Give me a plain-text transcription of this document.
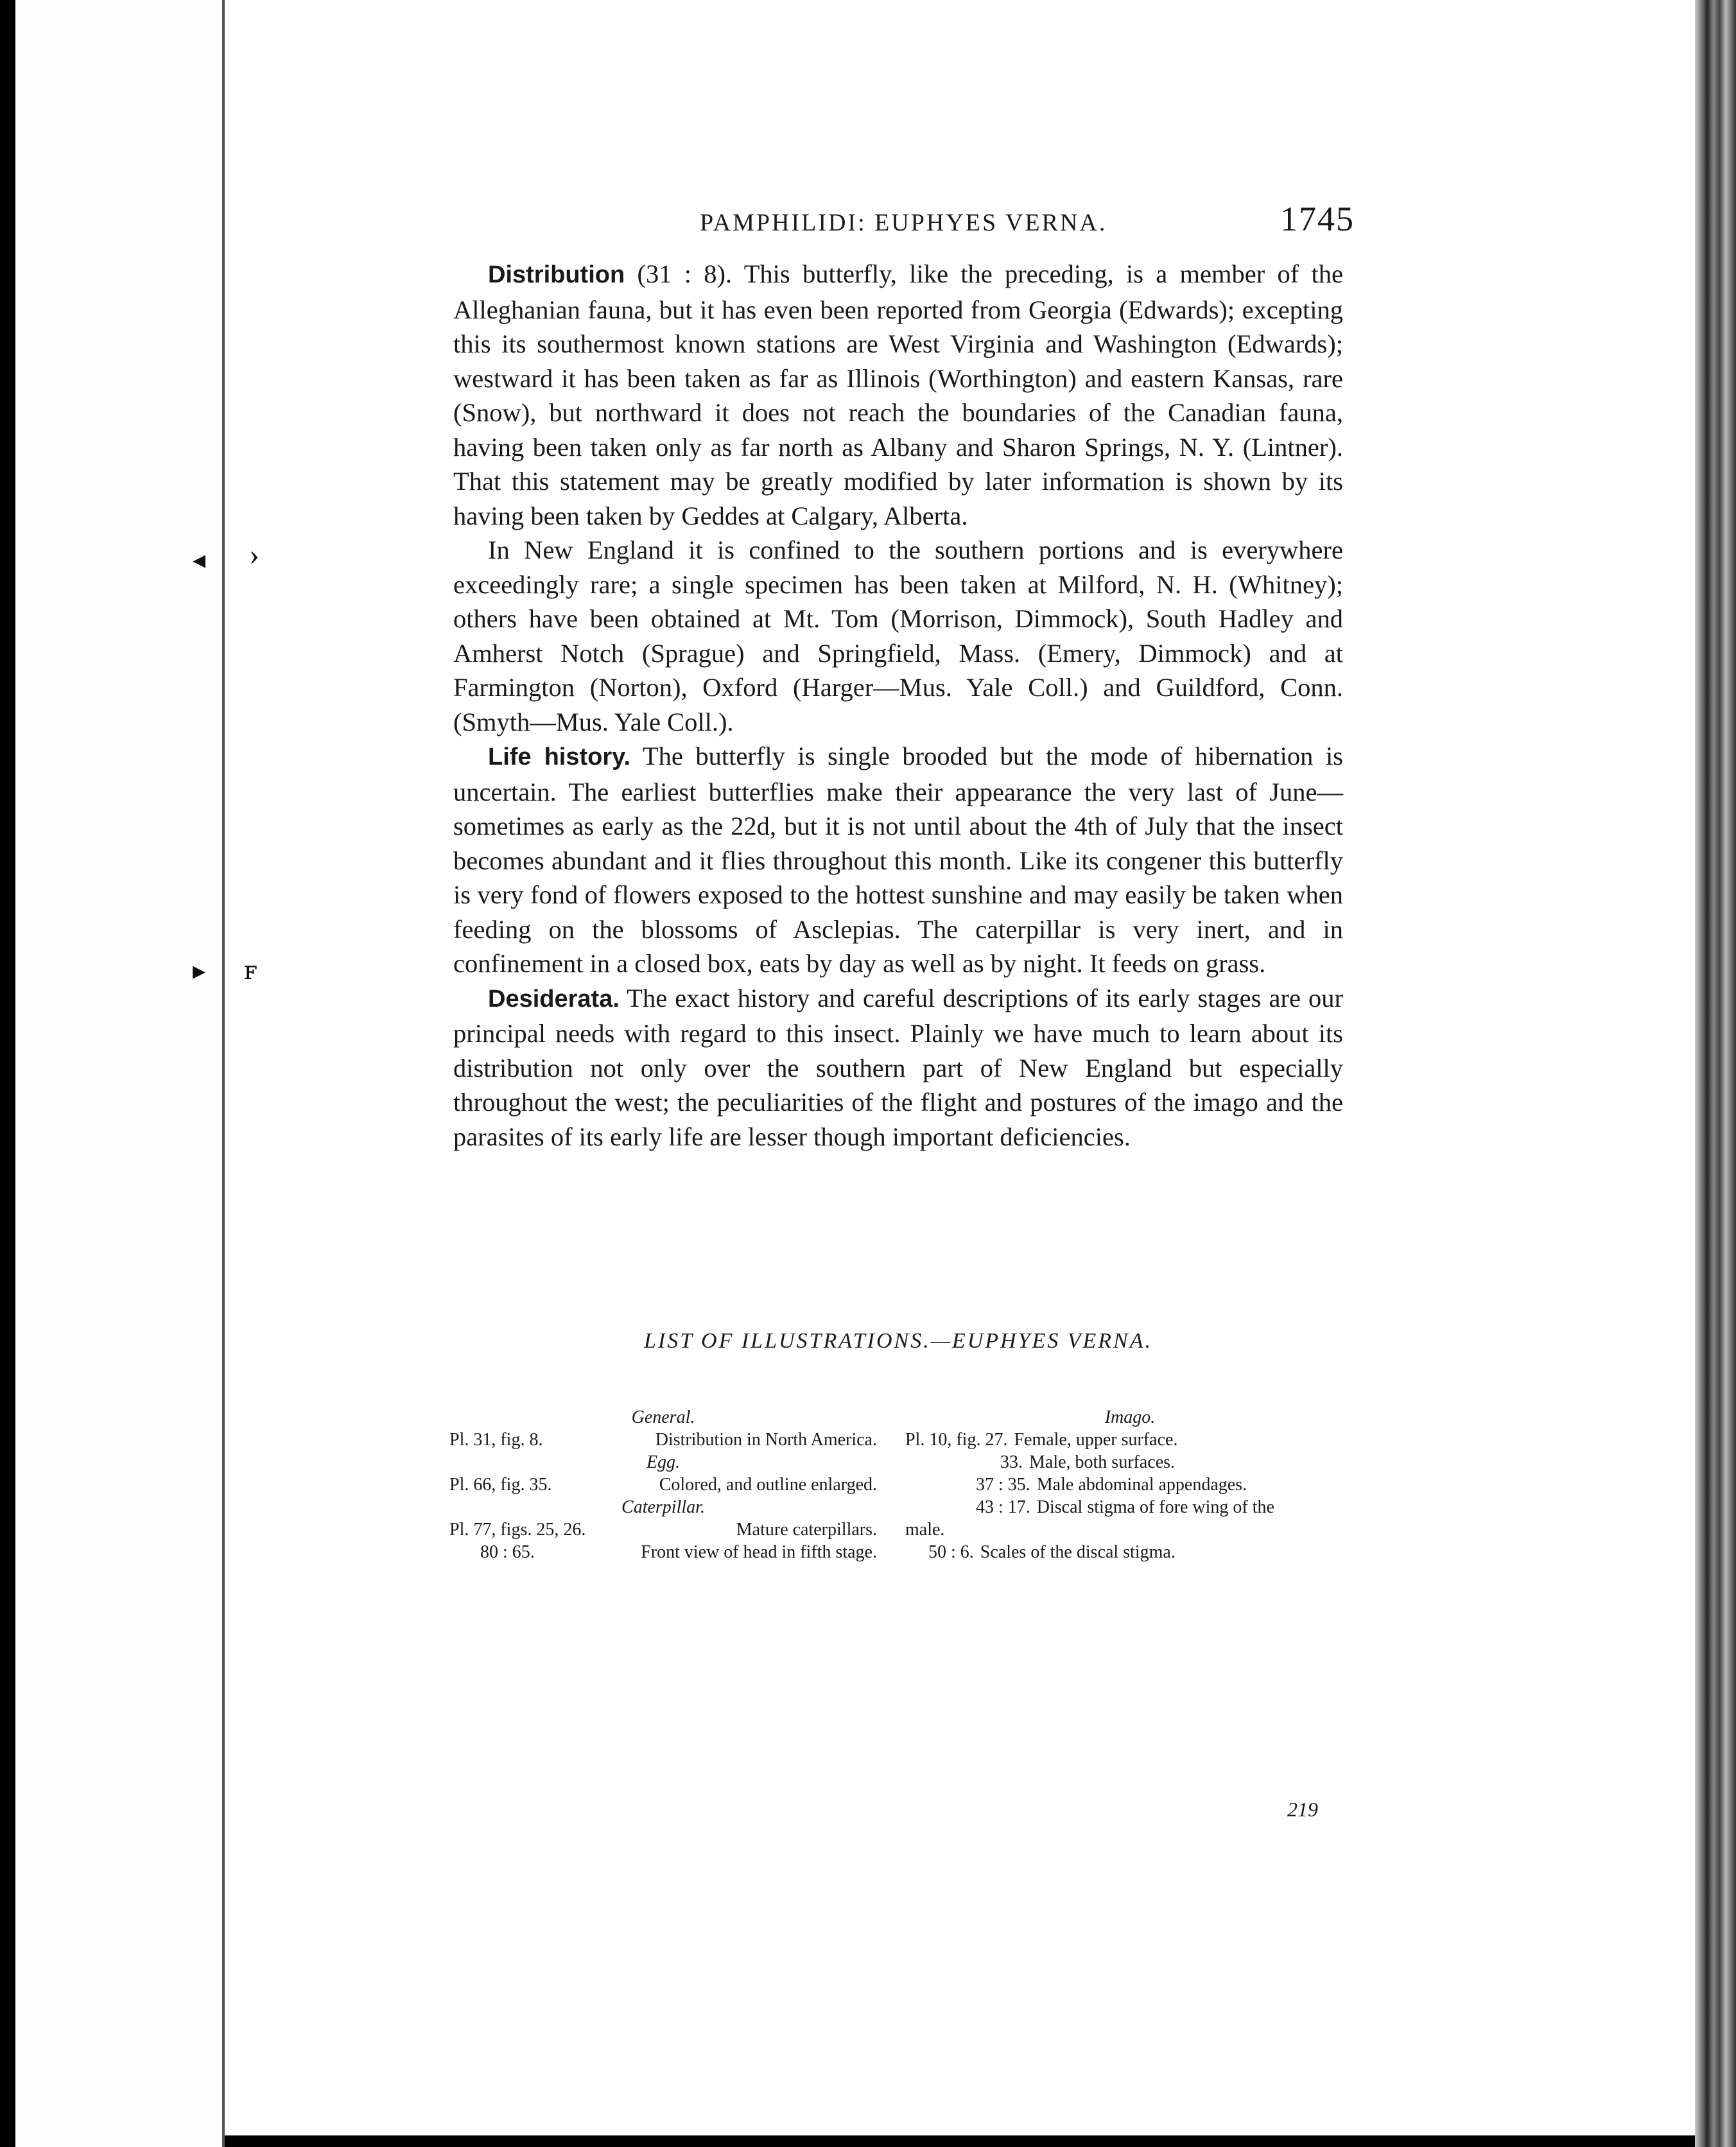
◂ ›
▸ ꜰ
PAMPHILIDI: EUPHYES VERNA.	1745

Distribution (31 : 8). This butterfly, like the preceding, is a member of the Alleghanian fauna, but it has even been reported from Georgia (Edwards); excepting this its southermost known stations are West Virginia and Washington (Edwards); westward it has been taken as far as Illinois (Worthington) and eastern Kansas, rare (Snow), but northward it does not reach the boundaries of the Canadian fauna, having been taken only as far north as Albany and Sharon Springs, N. Y. (Lintner). That this statement may be greatly modified by later information is shown by its having been taken by Geddes at Calgary, Alberta.

In New England it is confined to the southern portions and is everywhere exceedingly rare; a single specimen has been taken at Milford, N. H. (Whitney); others have been obtained at Mt. Tom (Morrison, Dimmock), South Hadley and Amherst Notch (Sprague) and Springfield, Mass. (Emery, Dimmock) and at Farmington (Norton), Oxford (Harger—Mus. Yale Coll.) and Guildford, Conn. (Smyth—Mus. Yale Coll.).

Life history. The butterfly is single brooded but the mode of hibernation is uncertain. The earliest butterflies make their appearance the very last of June—sometimes as early as the 22d, but it is not until about the 4th of July that the insect becomes abundant and it flies throughout this month. Like its congener this butterfly is very fond of flowers exposed to the hottest sunshine and may easily be taken when feeding on the blossoms of Asclepias. The caterpillar is very inert, and in confinement in a closed box, eats by day as well as by night. It feeds on grass.

Desiderata. The exact history and careful descriptions of its early stages are our principal needs with regard to this insect. Plainly we have much to learn about its distribution not only over the southern part of New England but especially throughout the west; the peculiarities of the flight and postures of the imago and the parasites of its early life are lesser though important deficiencies.

LIST OF ILLUSTRATIONS.—EUPHYES VERNA.
General.
Pl. 31, fig. 8.	Distribution in North America.
Egg.
Pl. 66, fig. 35.	Colored, and outline enlarged.
Caterpillar.
Pl. 77, figs. 25, 26.	Mature caterpillars.
80 : 65.	Front view of head in fifth stage.
Imago.
Pl. 10, fig. 27. Female, upper surface.
33. Male, both surfaces.
37 : 35. Male abdominal appendages.
43 : 17. Discal stigma of fore wing of the
male.
50 : 6. Scales of the discal stigma.
219
